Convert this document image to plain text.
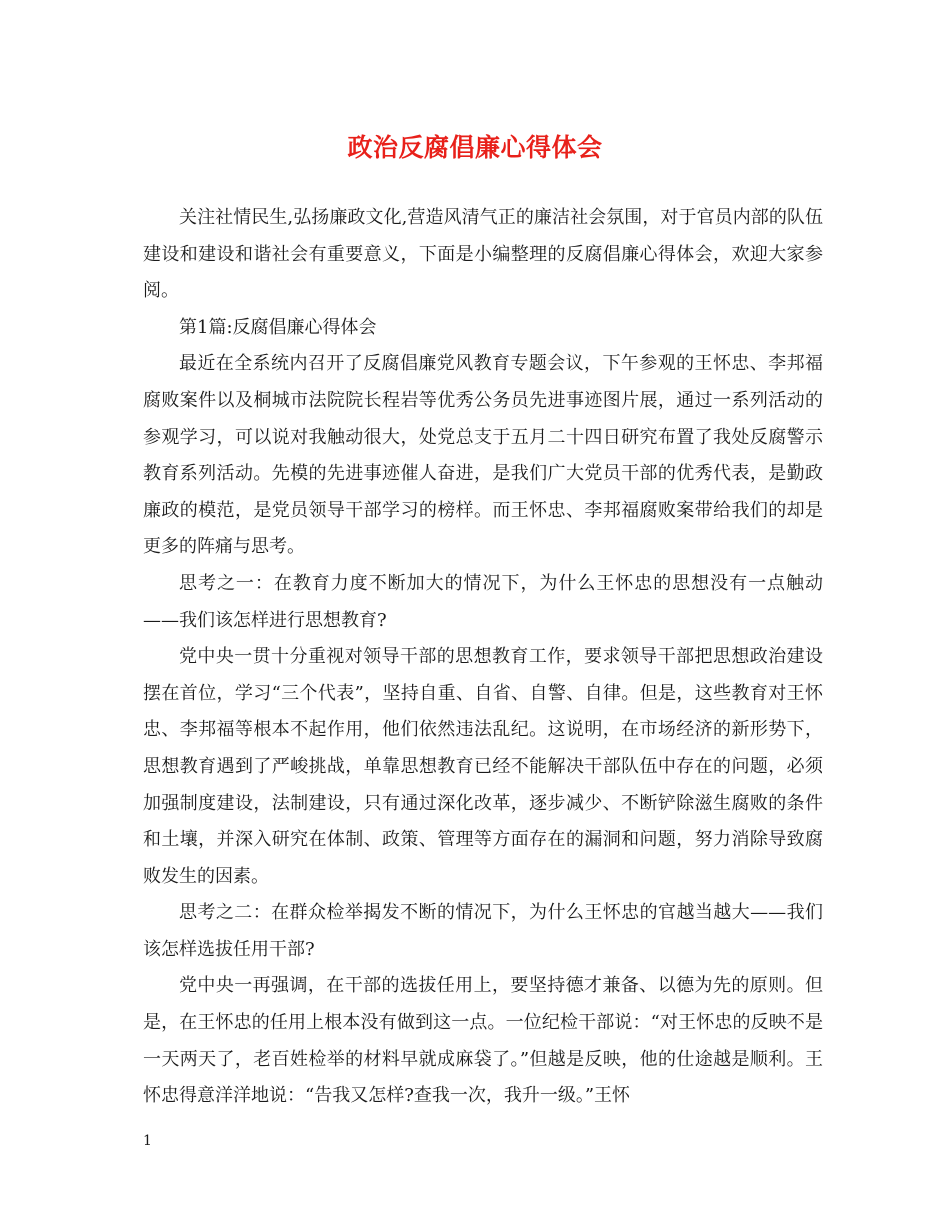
政治反腐倡廉心得体会

关注社情民生,弘扬廉政文化,营造风清气正的廉洁社会氛围，对于官员内部的队伍建设和建设和谐社会有重要意义，下面是小编整理的反腐倡廉心得体会，欢迎大家参阅。

第1篇:反腐倡廉心得体会

最近在全系统内召开了反腐倡廉党风教育专题会议，下午参观的王怀忠、李邦福腐败案件以及桐城市法院院长程岩等优秀公务员先进事迹图片展，通过一系列活动的参观学习，可以说对我触动很大，处党总支于五月二十四日研究布置了我处反腐警示教育系列活动。先模的先进事迹催人奋进，是我们广大党员干部的优秀代表，是勤政廉政的模范，是党员领导干部学习的榜样。而王怀忠、李邦福腐败案带给我们的却是更多的阵痛与思考。

思考之一：在教育力度不断加大的情况下，为什么王怀忠的思想没有一点触动——我们该怎样进行思想教育?

党中央一贯十分重视对领导干部的思想教育工作，要求领导干部把思想政治建设摆在首位，学习“三个代表”，坚持自重、自省、自警、自律。但是，这些教育对王怀忠、李邦福等根本不起作用，他们依然违法乱纪。这说明，在市场经济的新形势下，思想教育遇到了严峻挑战，单靠思想教育已经不能解决干部队伍中存在的问题，必须加强制度建设，法制建设，只有通过深化改革，逐步减少、不断铲除滋生腐败的条件和土壤，并深入研究在体制、政策、管理等方面存在的漏洞和问题，努力消除导致腐败发生的因素。

思考之二：在群众检举揭发不断的情况下，为什么王怀忠的官越当越大——我们该怎样选拔任用干部?

党中央一再强调，在干部的选拔任用上，要坚持德才兼备、以德为先的原则。但是，在王怀忠的任用上根本没有做到这一点。一位纪检干部说：“对王怀忠的反映不是一天两天了，老百姓检举的材料早就成麻袋了。”但越是反映，他的仕途越是顺利。王怀忠得意洋洋地说：“告我又怎样?查我一次，我升一级。”王怀

1
